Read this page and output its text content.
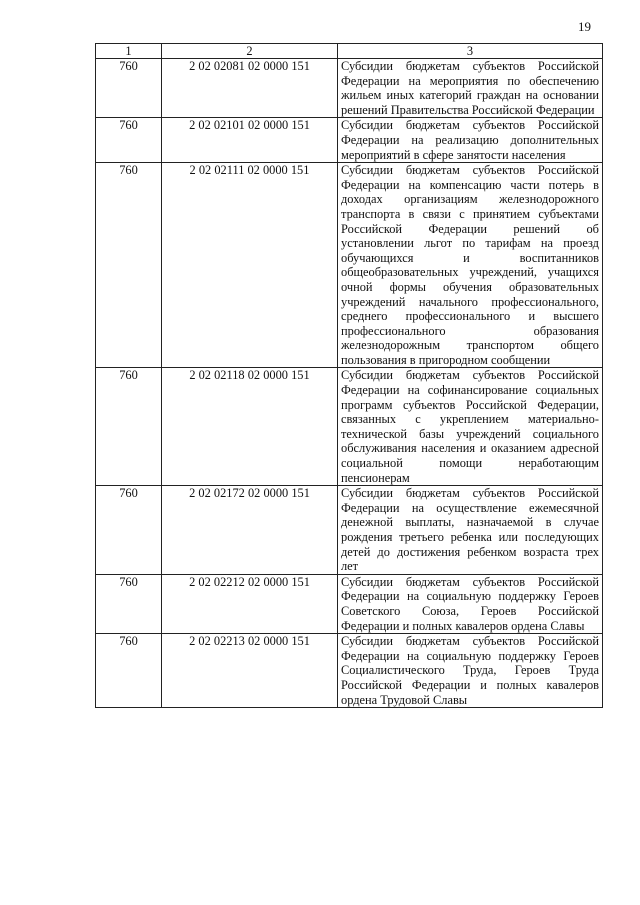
19
1	2	3
760	2 02 02081 02 0000 151	Субсидии бюджетам субъектов Российской Федерации на мероприятия по обеспечению жильем иных категорий граждан на основании решений Правительства Российской Федерации
760	2 02 02101 02 0000 151	Субсидии бюджетам субъектов Российской Федерации на реализацию дополнительных мероприятий в сфере занятости населения
760	2 02 02111 02 0000 151	Субсидии бюджетам субъектов Российской Федерации на компенсацию части потерь в доходах организациям железнодорожного транспорта в связи с принятием субъектами Российской Федерации решений об установлении льгот по тарифам на проезд обучающихся и воспитанников общеобразовательных учреждений, учащихся очной формы обучения образовательных учреждений начального профессионального, среднего профессионального и высшего профессионального образования железнодорожным транспортом общего пользования в пригородном сообщении
760	2 02 02118 02 0000 151	Субсидии бюджетам субъектов Российской Федерации на софинансирование социальных программ субъектов Российской Федерации, связанных с укреплением материально-технической базы учреждений социального обслуживания населения и оказанием адресной социальной помощи неработающим пенсионерам
760	2 02 02172 02 0000 151	Субсидии бюджетам субъектов Российской Федерации на осуществление ежемесячной денежной выплаты, назначаемой в случае рождения третьего ребенка или последующих детей до достижения ребенком возраста трех лет
760	2 02 02212 02 0000 151	Субсидии бюджетам субъектов Российской Федерации на социальную поддержку Героев Советского Союза, Героев Российской Федерации и полных кавалеров ордена Славы
760	2 02 02213 02 0000 151	Субсидии бюджетам субъектов Российской Федерации на социальную поддержку Героев Социалистического Труда, Героев Труда Российской Федерации и полных кавалеров ордена Трудовой Славы
